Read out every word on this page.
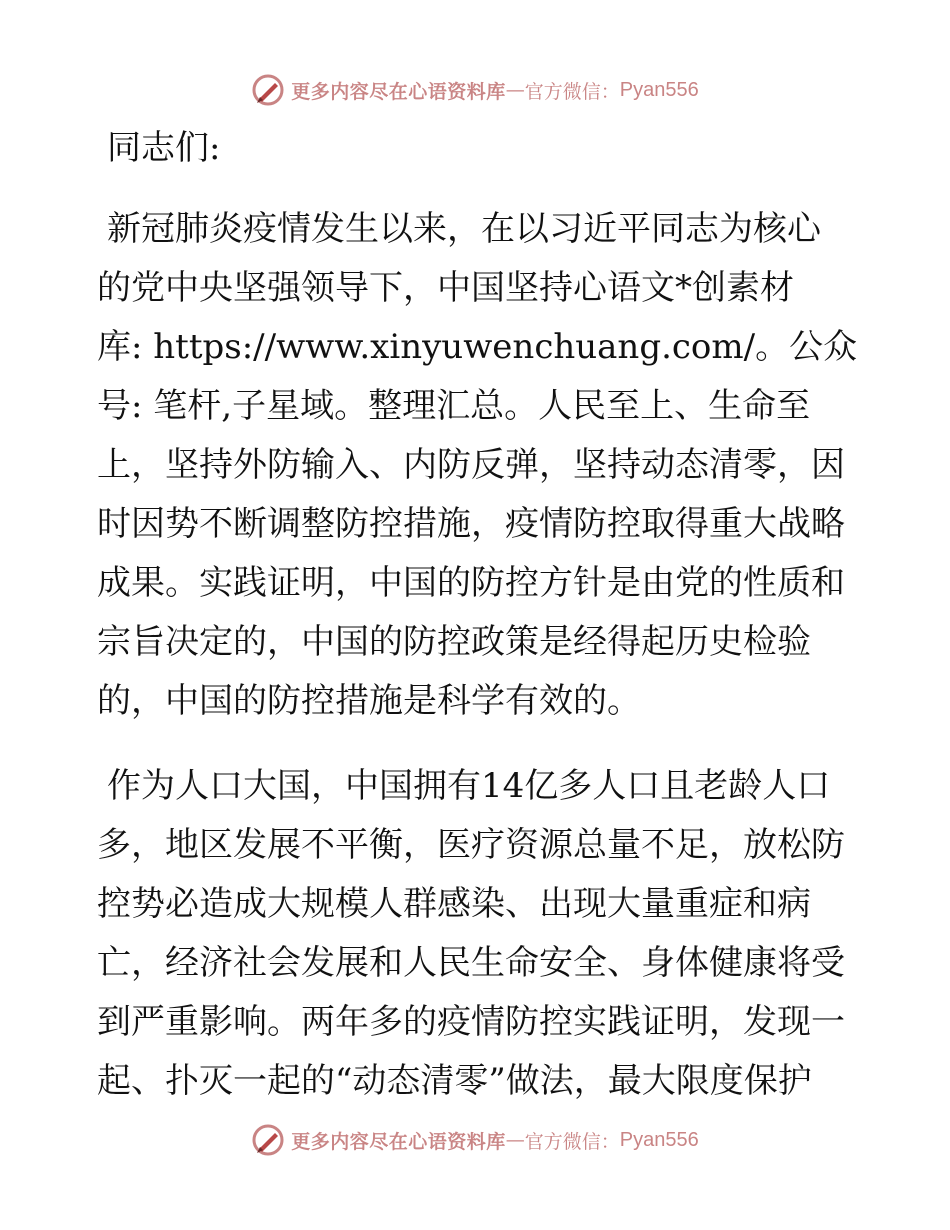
更多内容尽在心语资料库 — 官方微信： Pyan556
同志们:
新冠肺炎疫情发生以来，在以习近平同志为核心
的党中央坚强领导下，中国坚持心语文*创素材
库: https://www.xinyuwenchuang.com/。公众
号: 笔杆,子星域。整理汇总。人民至上、生命至
上，坚持外防输入、内防反弹，坚持动态清零，因
时因势不断调整防控措施，疫情防控取得重大战略
成果。实践证明，中国的防控方针是由党的性质和
宗旨决定的，中国的防控政策是经得起历史检验
的，中国的防控措施是科学有效的。
作为人口大国，中国拥有14亿多人口且老龄人口
多，地区发展不平衡，医疗资源总量不足，放松防
控势必造成大规模人群感染、出现大量重症和病
亡，经济社会发展和人民生命安全、身体健康将受
到严重影响。两年多的疫情防控实践证明，发现一
起、扑灭一起的“动态清零”做法，最大限度保护
更多内容尽在心语资料库 — 官方微信： Pyan556
